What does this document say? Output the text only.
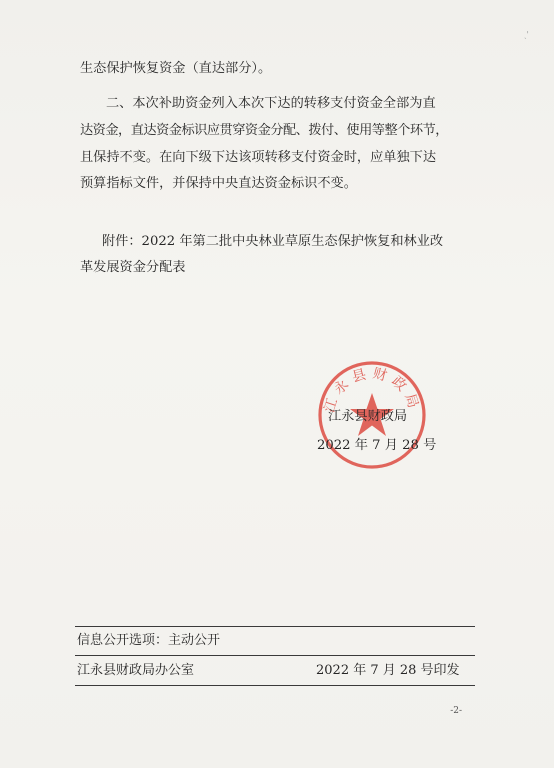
ˎ'
生态保护恢复资金（直达部分）。
二、本次补助资金列入本次下达的转移支付资金全部为直
达资金，直达资金标识应贯穿资金分配、拨付、使用等整个环节，
且保持不变。在向下级下达该项转移支付资金时，应单独下达
预算指标文件，并保持中央直达资金标识不变。
附件：2022 年第二批中央林业草原生态保护恢复和林业改
革发展资金分配表
江永县财政局
江永县财政局
2022 年 7 月 28 号
信息公开选项：主动公开
江永县财政局办公室	2022 年 7 月 28 号印发
-2-
